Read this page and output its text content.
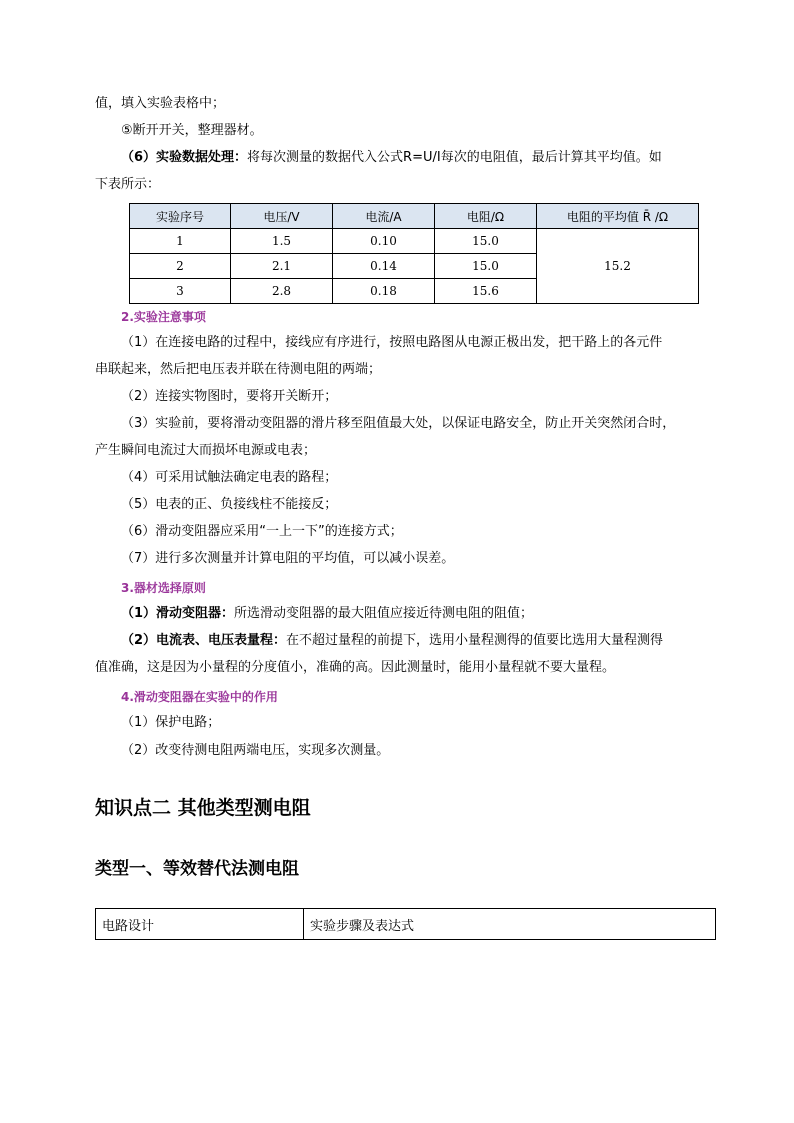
值，填入实验表格中；
⑤断开开关，整理器材。
（6）实验数据处理：将每次测量的数据代入公式R=U/I每次的电阻值，最后计算其平均值。如
下表所示：
实验序号	电压/V	电流/A	电阻/Ω	电阻的平均值 R̄ /Ω
1	1.5	0.10	15.0	15.2
2	2.1	0.14	15.0	
3	2.8	0.18	15.6	
2.实验注意事项
（1）在连接电路的过程中，接线应有序进行，按照电路图从电源正极出发，把干路上的各元件
串联起来，然后把电压表并联在待测电阻的两端；
（2）连接实物图时，要将开关断开；
（3）实验前，要将滑动变阻器的滑片移至阻值最大处，以保证电路安全，防止开关突然闭合时，
产生瞬间电流过大而损坏电源或电表；
（4）可采用试触法确定电表的路程；
（5）电表的正、负接线柱不能接反；
（6）滑动变阻器应采用“一上一下”的连接方式；
（7）进行多次测量并计算电阻的平均值，可以减小误差。
3.器材选择原则
（1）滑动变阻器：所选滑动变阻器的最大阻值应接近待测电阻的阻值；
（2）电流表、电压表量程：在不超过量程的前提下，选用小量程测得的值要比选用大量程测得
值准确，这是因为小量程的分度值小，准确的高。因此测量时，能用小量程就不要大量程。
4.滑动变阻器在实验中的作用
（1）保护电路；
（2）改变待测电阻两端电压，实现多次测量。
知识点二 其他类型测电阻
类型一、等效替代法测电阻
电路设计	实验步骤及表达式
